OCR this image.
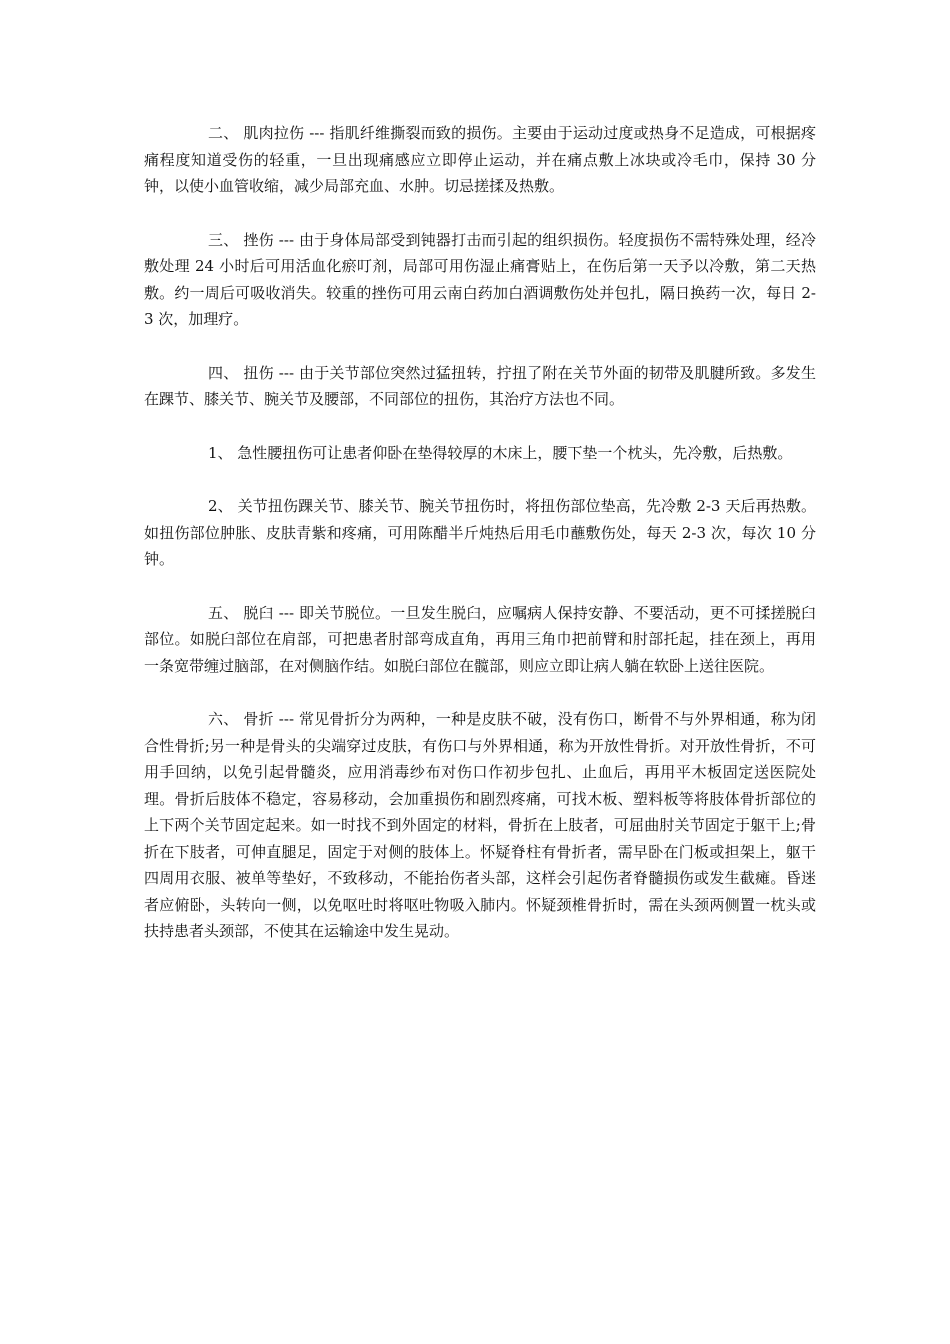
二、 肌肉拉伤 --- 指肌纤维撕裂而致的损伤。主要由于运动过度或热身不足造成，可根据疼痛程度知道受伤的轻重，一旦出现痛感应立即停止运动，并在痛点敷上冰块或冷毛巾，保持 30 分钟，以使小血管收缩，减少局部充血、水肿。切忌搓揉及热敷。

三、 挫伤 --- 由于身体局部受到钝器打击而引起的组织损伤。轻度损伤不需特殊处理，经冷敷处理 24 小时后可用活血化瘀叮剂，局部可用伤湿止痛膏贴上，在伤后第一天予以冷敷，第二天热敷。约一周后可吸收消失。较重的挫伤可用云南白药加白酒调敷伤处并包扎，隔日换药一次，每日 2-3 次，加理疗。

四、 扭伤 --- 由于关节部位突然过猛扭转，拧扭了附在关节外面的韧带及肌腱所致。多发生在踝节、膝关节、腕关节及腰部，不同部位的扭伤，其治疗方法也不同。

1、 急性腰扭伤可让患者仰卧在垫得较厚的木床上，腰下垫一个枕头，先冷敷，后热敷。

2、 关节扭伤踝关节、膝关节、腕关节扭伤时，将扭伤部位垫高，先冷敷 2-3 天后再热敷。如扭伤部位肿胀、皮肤青紫和疼痛，可用陈醋半斤炖热后用毛巾蘸敷伤处，每天 2-3 次，每次 10 分钟。

五、 脱臼 --- 即关节脱位。一旦发生脱臼，应嘱病人保持安静、不要活动，更不可揉搓脱臼部位。如脱臼部位在肩部，可把患者肘部弯成直角，再用三角巾把前臂和肘部托起，挂在颈上，再用一条宽带缠过脑部，在对侧脑作结。如脱臼部位在髋部，则应立即让病人躺在软卧上送往医院。

六、 骨折 --- 常见骨折分为两种，一种是皮肤不破，没有伤口，断骨不与外界相通，称为闭合性骨折;另一种是骨头的尖端穿过皮肤，有伤口与外界相通，称为开放性骨折。对开放性骨折，不可用手回纳，以免引起骨髓炎，应用消毒纱布对伤口作初步包扎、止血后，再用平木板固定送医院处理。骨折后肢体不稳定，容易移动，会加重损伤和剧烈疼痛，可找木板、塑料板等将肢体骨折部位的上下两个关节固定起来。如一时找不到外固定的材料，骨折在上肢者，可屈曲肘关节固定于躯干上;骨折在下肢者，可伸直腿足，固定于对侧的肢体上。怀疑脊柱有骨折者，需早卧在门板或担架上，躯干四周用衣服、被单等垫好，不致移动，不能抬伤者头部，这样会引起伤者脊髓损伤或发生截瘫。昏迷者应俯卧，头转向一侧，以免呕吐时将呕吐物吸入肺内。怀疑颈椎骨折时，需在头颈两侧置一枕头或扶持患者头颈部，不使其在运输途中发生晃动。
